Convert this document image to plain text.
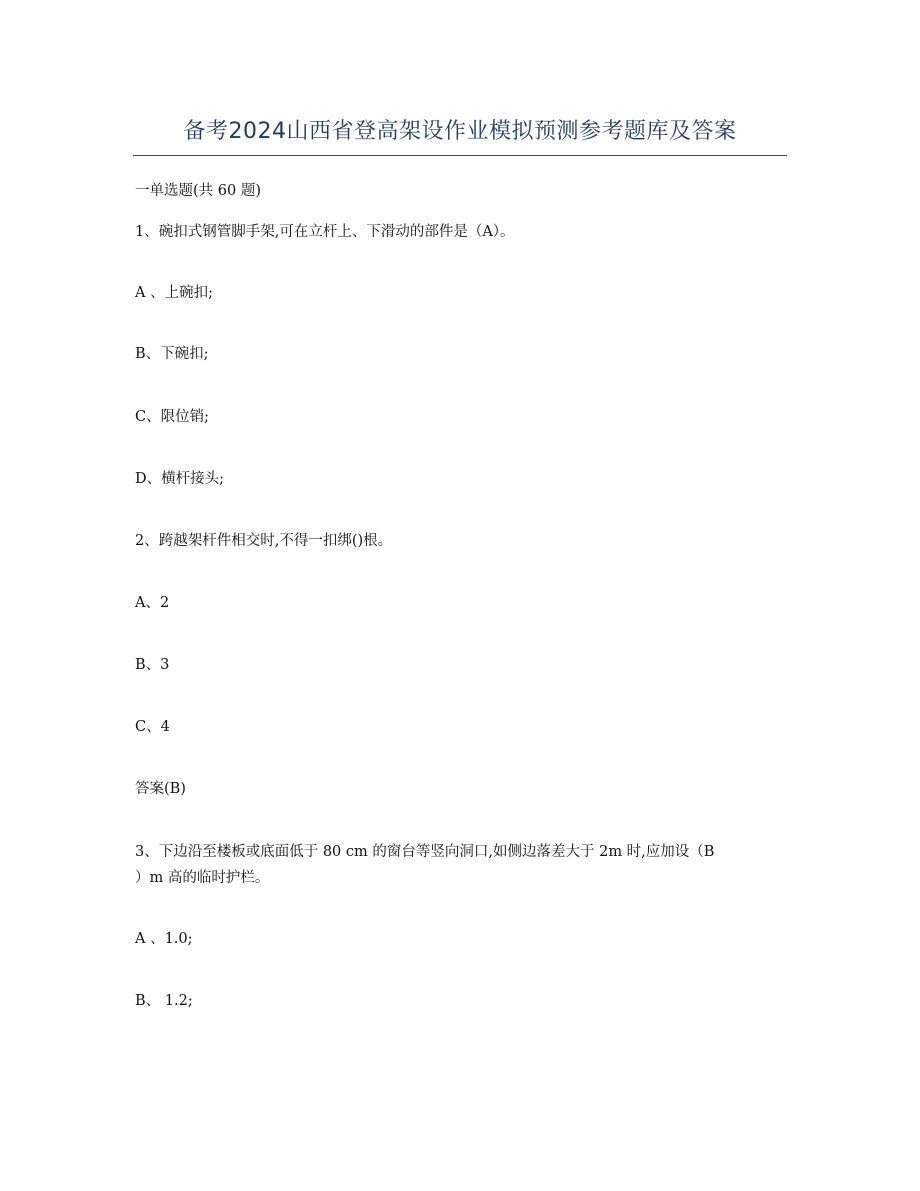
备考2024山西省登高架设作业模拟预测参考题库及答案
一单选题(共 60 题)
1、碗扣式钢管脚手架,可在立杆上、下滑动的部件是（A）。
A 、上碗扣;
B、下碗扣;
C、限位销;
D、横杆接头;
2、跨越架杆件相交时,不得一扣绑()根。
A、2
B、3
C、4
答案(B)
3、下边沿至楼板或底面低于 80 cm 的窗台等竖向洞口,如侧边落差大于 2m 时,应加设（B
）m 高的临时护栏。
A 、1.0;
B、 1.2;
